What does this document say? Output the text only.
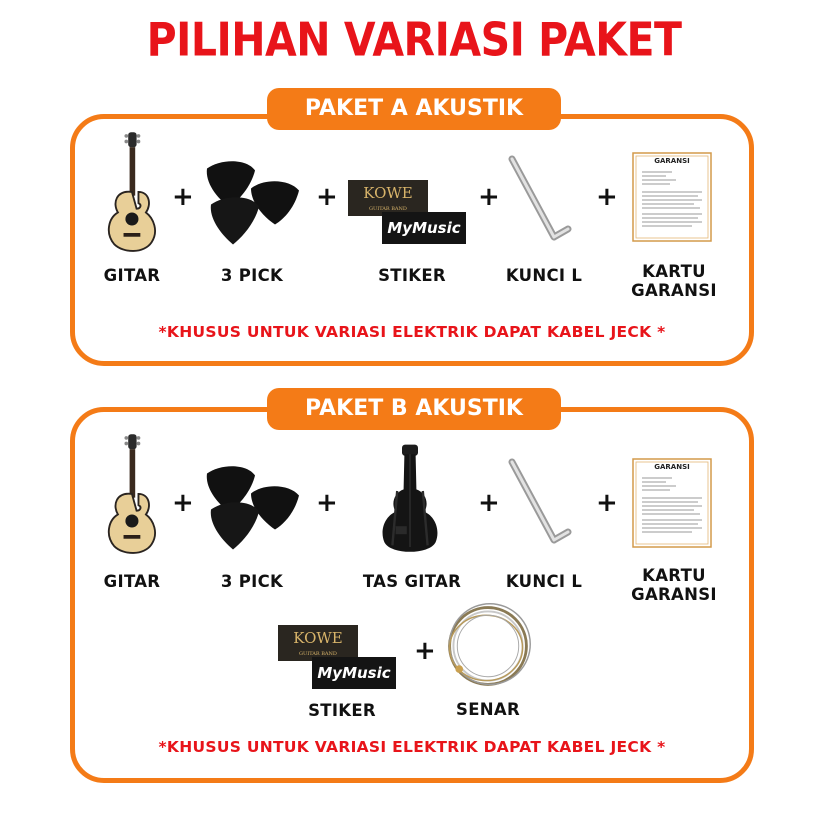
PILIHAN VARIASI PAKET
PAKET A AKUSTIK
GITAR
+
3 PICK
+	KOWE
GUITAR BAND
MyMusic
STIKER
+
KUNCI L
+
GARANSI
KARTU
GARANSI
*KHUSUS UNTUK VARIASI ELEKTRIK DAPAT KABEL JECK *
PAKET B AKUSTIK
GITAR
+
3 PICK
+
TAS GITAR
+
KUNCI L
+
GARANSI
KARTU
GARANSI
KOWE
GUITAR BAND
MyMusic
STIKER
+
SENAR
*KHUSUS UNTUK VARIASI ELEKTRIK DAPAT KABEL JECK *
